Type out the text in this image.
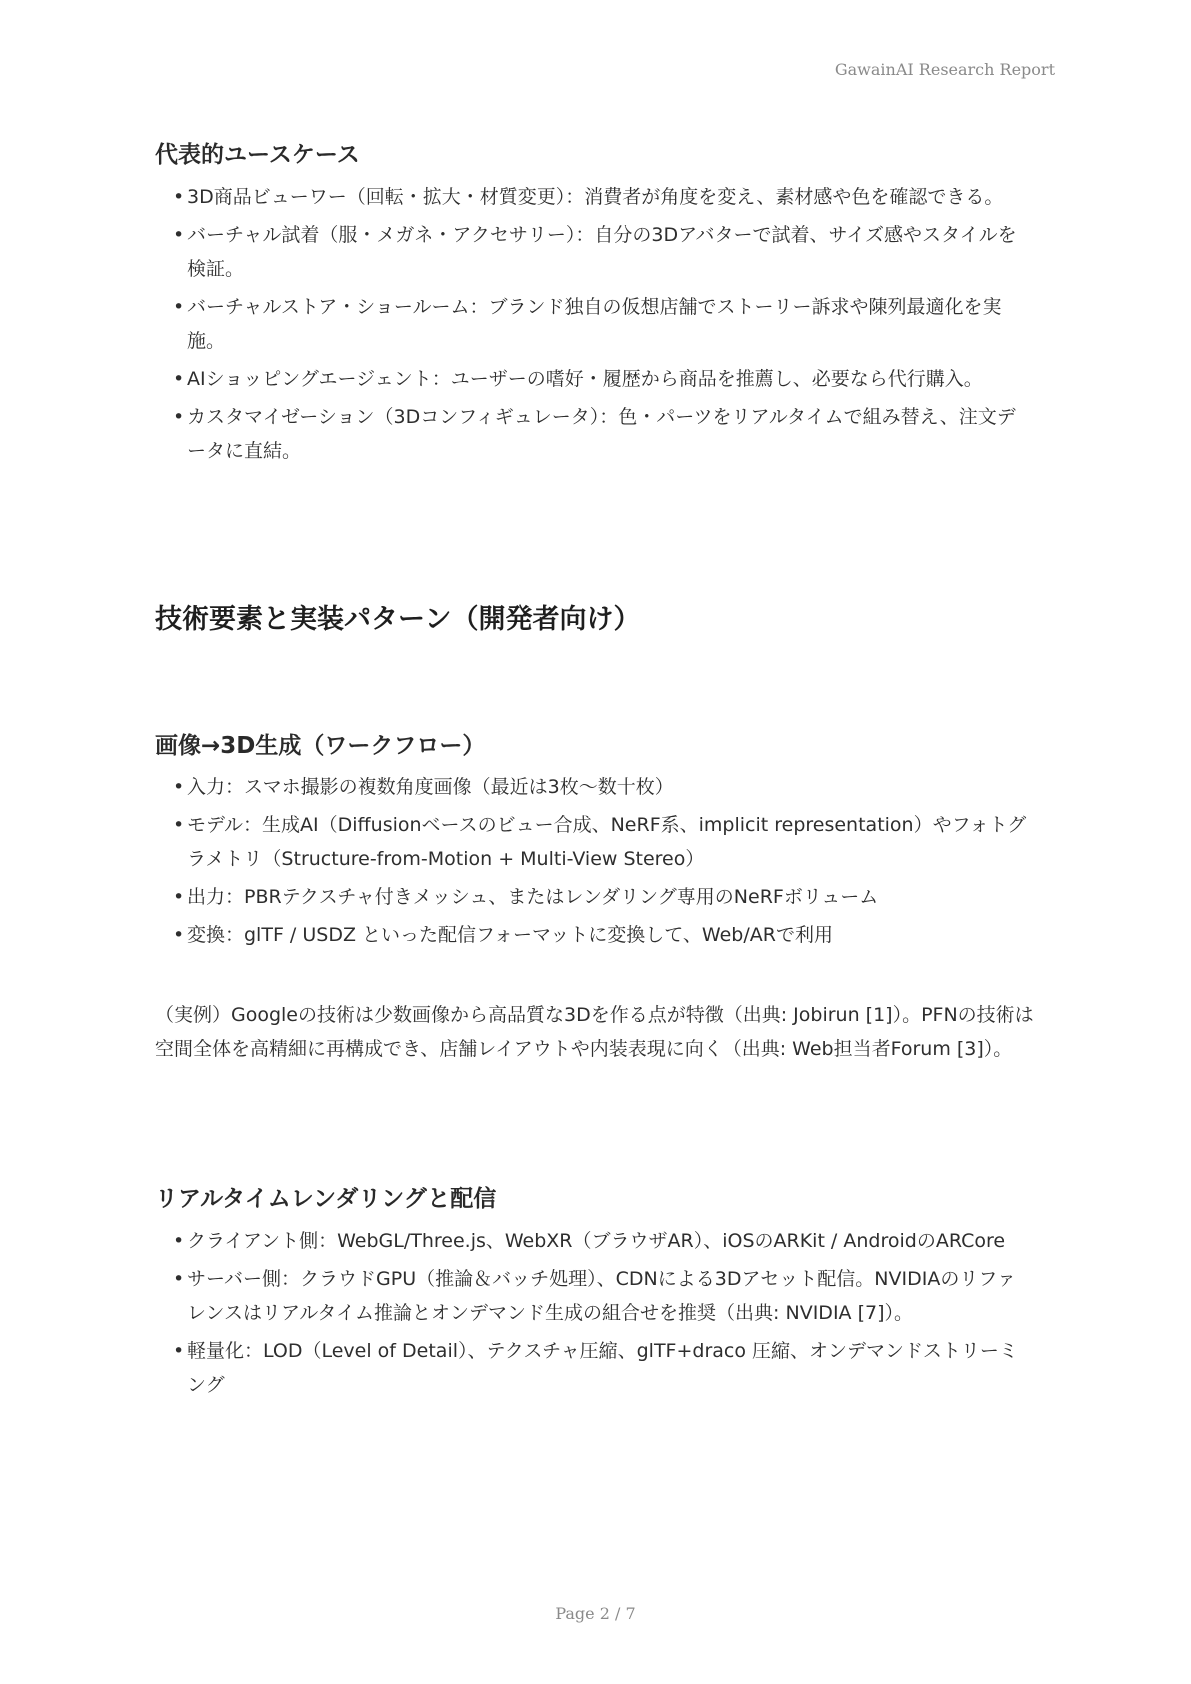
GawainAI Research Report
代表的ユースケース
• 3D商品ビューワー（回転・拡大・材質変更）：消費者が角度を変え、素材感や色を確認できる。
• バーチャル試着（服・メガネ・アクセサリー）：自分の3Dアバターで試着、サイズ感やスタイルを検証。
• バーチャルストア・ショールーム：ブランド独自の仮想店舗でストーリー訴求や陳列最適化を実施。
• AIショッピングエージェント：ユーザーの嗜好・履歴から商品を推薦し、必要なら代行購入。
• カスタマイゼーション（3Dコンフィギュレータ）：色・パーツをリアルタイムで組み替え、注文データに直結。
技術要素と実装パターン（開発者向け）
画像→3D生成（ワークフロー）
• 入力：スマホ撮影の複数角度画像（最近は3枚〜数十枚）
• モデル：生成AI（Diffusionベースのビュー合成、NeRF系、implicit representation）やフォトグラメトリ（Structure-from-Motion + Multi-View Stereo）
• 出力：PBRテクスチャ付きメッシュ、またはレンダリング専用のNeRFボリューム
• 変換：glTF / USDZ といった配信フォーマットに変換して、Web/ARで利用

（実例）Googleの技術は少数画像から高品質な3Dを作る点が特徴（出典: Jobirun [1]）。PFNの技術は空間全体を高精細に再構成でき、店舗レイアウトや内装表現に向く（出典: Web担当者Forum [3]）。

リアルタイムレンダリングと配信
• クライアント側：WebGL/Three.js、WebXR（ブラウザAR）、iOSのARKit / AndroidのARCore
• サーバー側：クラウドGPU（推論＆バッチ処理）、CDNによる3Dアセット配信。NVIDIAのリファレンスはリアルタイム推論とオンデマンド生成の組合せを推奨（出典: NVIDIA [7]）。
• 軽量化：LOD（Level of Detail）、テクスチャ圧縮、glTF+draco 圧縮、オンデマンドストリーミング
Page 2 / 7
